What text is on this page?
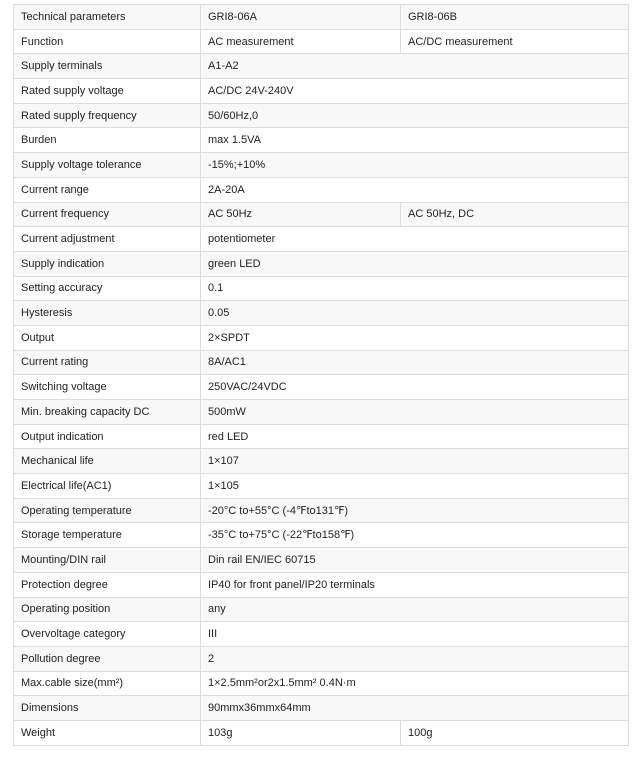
Technical parameters	GRI8-06A	GRI8-06B
Function	AC measurement	AC/DC measurement
Supply terminals	A1-A2	
Rated supply voltage	AC/DC 24V-240V	
Rated supply frequency	50/60Hz,0	
Burden	max 1.5VA	
Supply voltage tolerance	-15%;+10%	
Current range	2A-20A	
Current frequency	AC 50Hz	AC 50Hz, DC
Current adjustment	potentiometer	
Supply indication	green LED	
Setting accuracy	0.1	
Hysteresis	0.05	
Output	2×SPDT	
Current rating	8A/AC1	
Switching voltage	250VAC/24VDC	
Min. breaking capacity DC	500mW	
Output indication	red LED	
Mechanical life	1×107	
Electrical life(AC1)	1×105	
Operating temperature	-20°C to+55°C (-4℉to131℉)	
Storage temperature	-35°C to+75°C (-22℉to158℉)	
Mounting/DIN rail	Din rail EN/IEC 60715	
Protection degree	IP40 for front panel/IP20 terminals	
Operating position	any	
Overvoltage category	III	
Pollution degree	2	
Max.cable size(mm²)	1×2.5mm²or2x1.5mm² 0.4N·m	
Dimensions	90mmx36mmx64mm	
Weight	103g	100g
